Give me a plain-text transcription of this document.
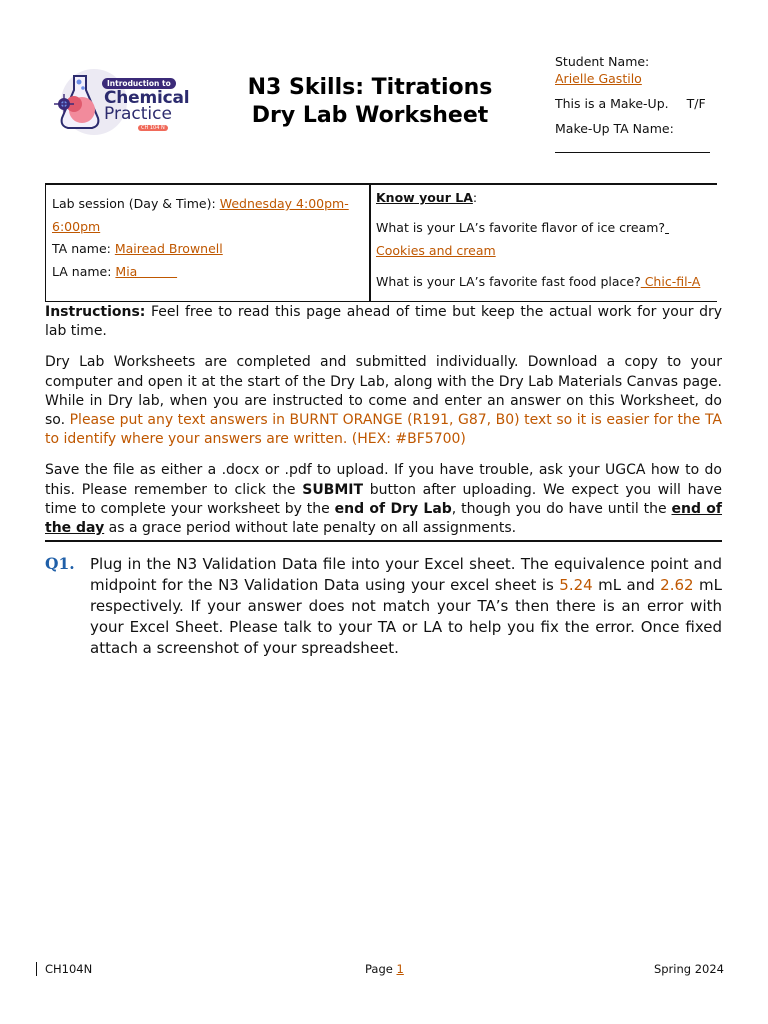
Introduction to
Chemical
Practice
CH 104 N
N3 Skills: Titrations
Dry Lab Worksheet
Student Name:
Arielle Gastilo
This is a Make-Up. T/F
Make-Up TA Name:
Lab session (Day & Time): Wednesday 4:00pm-6:00pm
TA name: Mairead Brownell
LA name: Mia
Know your LA:
What is your LA’s favorite flavor of ice cream?
Cookies and cream
What is your LA’s favorite fast food place? Chic-fil-A

Instructions: Feel free to read this page ahead of time but keep the actual work for your dry lab time.

Dry Lab Worksheets are completed and submitted individually. Download a copy to your computer and open it at the start of the Dry Lab, along with the Dry Lab Materials Canvas page. While in Dry lab, when you are instructed to come and enter an answer on this Worksheet, do so. Please put any text answers in BURNT ORANGE (R191, G87, B0) text so it is easier for the TA to identify where your answers are written. (HEX: #BF5700)

Save the file as either a .docx or .pdf to upload. If you have trouble, ask your UGCA how to do this. Please remember to click the SUBMIT button after uploading. We expect you will have time to complete your worksheet by the end of Dry Lab, though you do have until the end of the day as a grace period without late penalty on all assignments.

Q1. Plug in the N3 Validation Data file into your Excel sheet. The equivalence point and midpoint for the N3 Validation Data using your excel sheet is 5.24 mL and 2.62 mL respectively. If your answer does not match your TA’s then there is an error with your Excel Sheet. Please talk to your TA or LA to help you fix the error. Once fixed attach a screenshot of your spreadsheet.
CH104N	Page 1	Spring 2024
